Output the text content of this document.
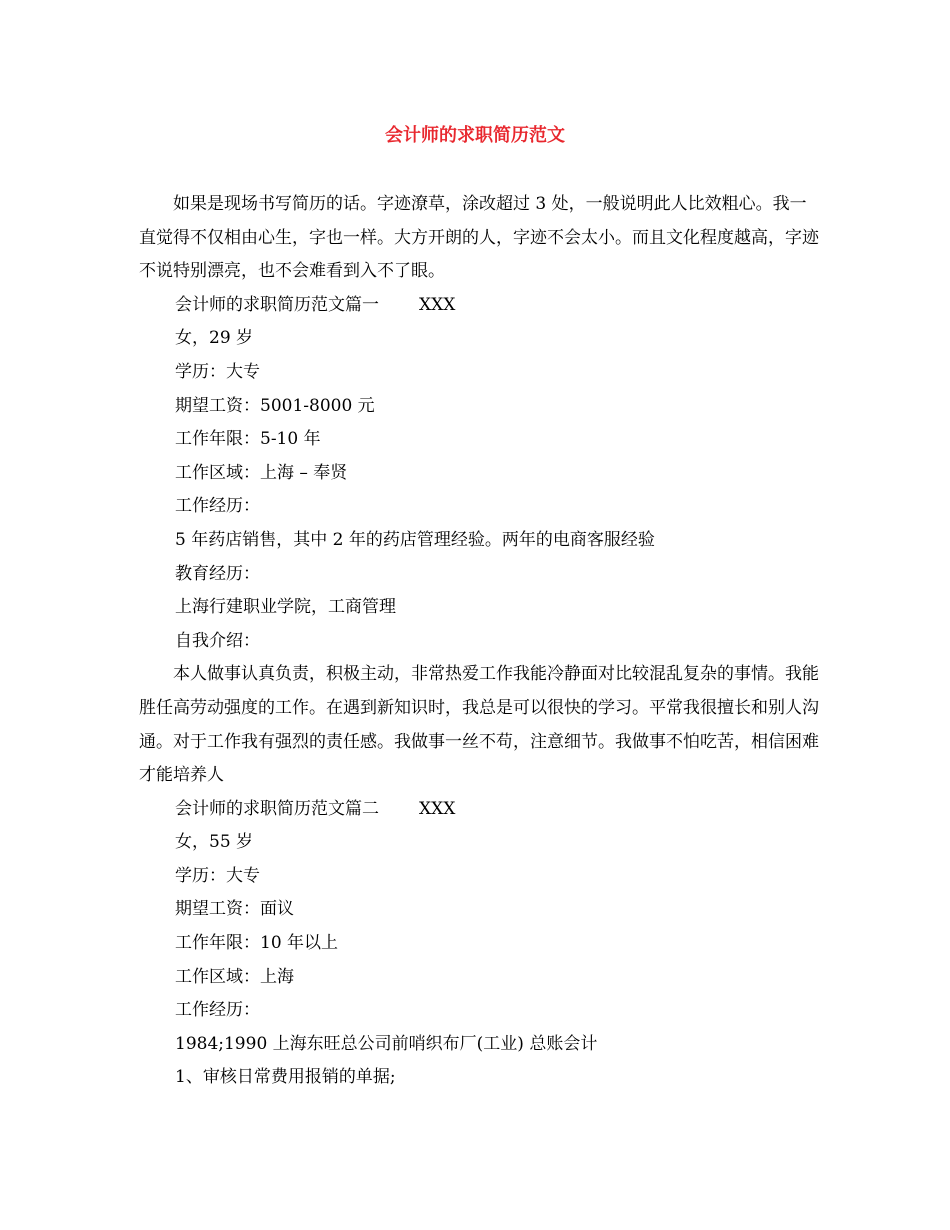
会计师的求职简历范文

如果是现场书写简历的话。字迹潦草，涂改超过 3 处，一般说明此人比效粗心。我一直觉得不仅相由心生，字也一样。大方开朗的人，字迹不会太小。而且文化程度越高，字迹不说特别漂亮，也不会难看到入不了眼。

会计师的求职简历范文篇一 XXX

女，29 岁

学历：大专

期望工资：5001-8000 元

工作年限：5-10 年

工作区域：上海 – 奉贤

工作经历：

5 年药店销售，其中 2 年的药店管理经验。两年的电商客服经验

教育经历：

上海行建职业学院，工商管理

自我介绍：

本人做事认真负责，积极主动，非常热爱工作我能冷静面对比较混乱复杂的事情。我能胜任高劳动强度的工作。在遇到新知识时，我总是可以很快的学习。平常我很擅长和别人沟通。对于工作我有强烈的责任感。我做事一丝不苟，注意细节。我做事不怕吃苦，相信困难才能培养人

会计师的求职简历范文篇二 XXX

女，55 岁

学历：大专

期望工资：面议

工作年限：10 年以上

工作区域：上海

工作经历：

1984;1990 上海东旺总公司前哨织布厂(工业) 总账会计

1、审核日常费用报销的单据;
